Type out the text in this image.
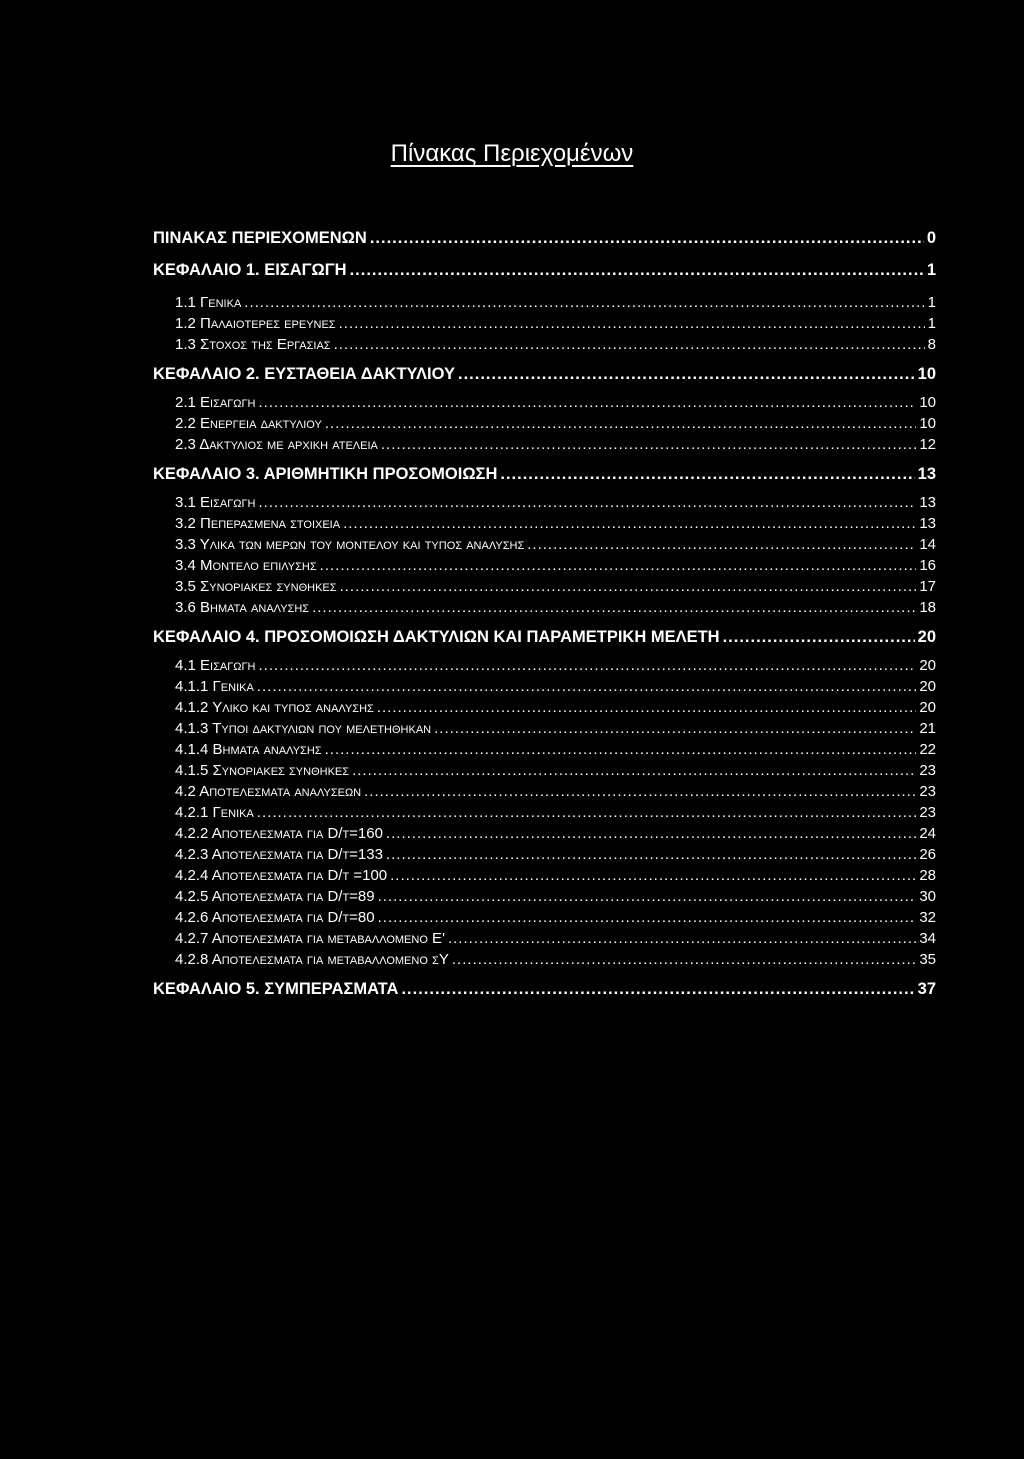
Πίνακας Περιεχομένων
ΠΙΝΑΚΑΣ ΠΕΡΙΕΧΟΜΕΝΩΝ .....	0
ΚΕΦΑΛΑΙΟ 1. ΕΙΣΑΓΩΓΗ .....	1
1.1 Γενικα .....	1
1.2 Παλαιοτερες ερευνες .....	1
1.3 Στοχος της Εργασιας .....	8
ΚΕΦΑΛΑΙΟ 2. ΕΥΣΤΑΘΕΙΑ ΔΑΚΤΥΛΙΟΥ .....	10
2.1 Εισαγωγη .....	10
2.2 Ενεργεια δακτυλιου .....	10
2.3 Δακτυλιος με αρχικη ατελεια .....	12
ΚΕΦΑΛΑΙΟ 3. ΑΡΙΘΜΗΤΙΚΗ ΠΡΟΣΟΜΟΙΩΣΗ .....	13
3.1 Εισαγωγη .....	13
3.2 Πεπερασμενα στοιχεια .....	13
3.3 Υλικα των μερων του μοντελου και τυπος αναλυσης .....	14
3.4 Μοντελο επιλυσης .....	16
3.5 Συνοριακες συνθηκες .....	17
3.6 Βηματα αναλυσης .....	18
ΚΕΦΑΛΑΙΟ 4. ΠΡΟΣΟΜΟΙΩΣΗ ΔΑΚΤΥΛΙΩΝ ΚΑΙ ΠΑΡΑΜΕΤΡΙΚΗ ΜΕΛΕΤΗ .....	20
4.1 Εισαγωγη .....	20
4.1.1 Γενικα .....	20
4.1.2 Υλικο και τυπος αναλυσης .....	20
4.1.3 Τυποι δακτυλιων που μελετηθηκαν .....	21
4.1.4 Βηματα αναλυσης .....	22
4.1.5 Συνοριακες συνθηκες .....	23
4.2 Αποτελεσματα αναλυσεων .....	23
4.2.1 Γενικα .....	23
4.2.2 Αποτελεσματα για D/t=160 .....	24
4.2.3 Αποτελεσματα για D/t=133 .....	26
4.2.4 Αποτελεσματα για D/t =100 .....	28
4.2.5 Αποτελεσματα για D/t=89 .....	30
4.2.6 Αποτελεσματα για D/t=80 .....	32
4.2.7 Αποτελεσματα για μεταβαλλομενο Ε' .....	34
4.2.8 Αποτελεσματα για μεταβαλλομενο σΥ .....	35
ΚΕΦΑΛΑΙΟ 5. ΣΥΜΠΕΡΑΣΜΑΤΑ .....	37
